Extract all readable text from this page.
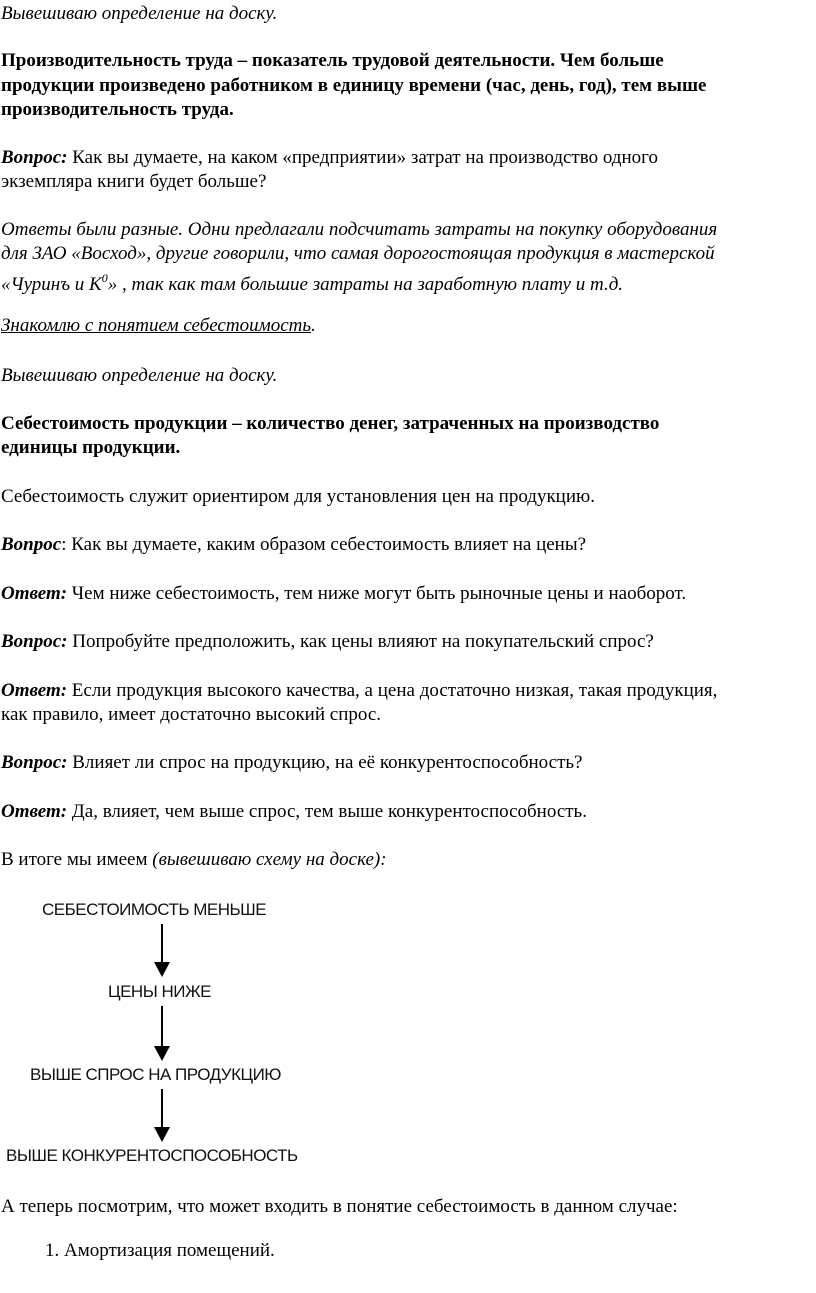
Вывешиваю определение на доску.
Производительность труда – показатель трудовой деятельности. Чем больше
продукции произведено работником в единицу времени (час, день, год), тем выше
производительность труда.
Вопрос: Как вы думаете, на каком «предприятии» затрат на производство одного
экземпляра книги будет больше?
Ответы были разные. Одни предлагали подсчитать затраты на покупку оборудования
для ЗАО «Восход», другие говорили, что самая дорогостоящая продукция в мастерской
«Чуринъ и $К^0$» , так как там большие затраты на заработную плату и т.д.
Знакомлю с понятием себестоимость.
Вывешиваю определение на доску.
Себестоимость продукции – количество денег, затраченных на производство
единицы продукции.
Себестоимость служит ориентиром для установления цен на продукцию.
Вопрос: Как вы думаете, каким образом себестоимость влияет на цены?
Ответ: Чем ниже себестоимость, тем ниже могут быть рыночные цены и наоборот.
Вопрос: Попробуйте предположить, как цены влияют на покупательский спрос?
Ответ: Если продукция высокого качества, а цена достаточно низкая, такая продукция,
как правило, имеет достаточно высокий спрос.
Вопрос: Влияет ли спрос на продукцию, на её конкурентоспособность?
Ответ: Да, влияет, чем выше спрос, тем выше конкурентоспособность.
В итоге мы имеем (вывешиваю схему на доске):
СЕБЕСТОИМОСТЬ МЕНЬШЕ
ЦЕНЫ НИЖЕ
ВЫШЕ СПРОС НА ПРОДУКЦИЮ
ВЫШЕ КОНКУРЕНТОСПОСОБНОСТЬ
А теперь посмотрим, что может входить в понятие себестоимость в данном случае:
1. Амортизация помещений.
